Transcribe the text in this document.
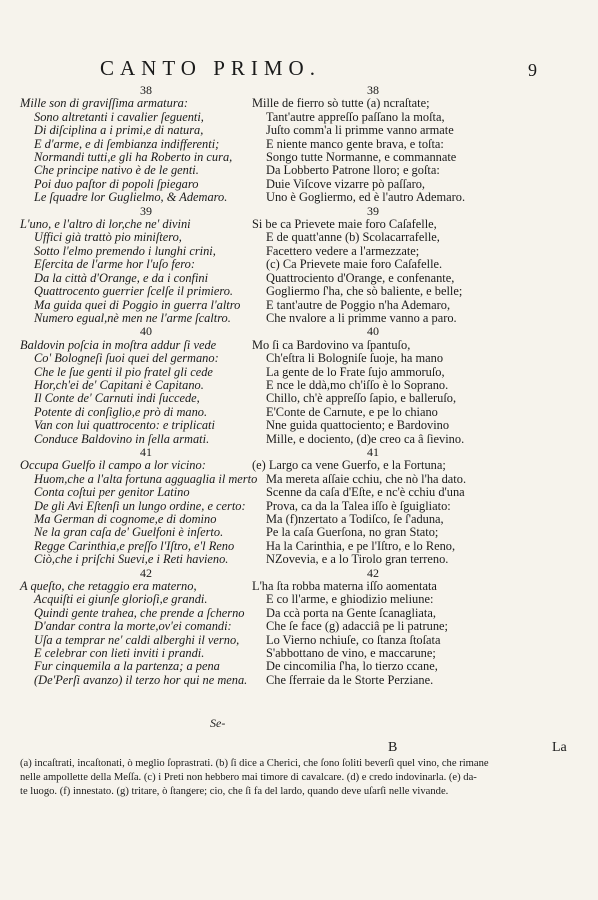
CANTO PRIMO.	9
38
Mille son di graviſſima armatura:
Sono altretanti i cavalier ſeguenti,
Di diſciplina a i primi,e di natura,
E d'arme, e di ſembianza indifferenti;
Normandi tutti,e gli ha Roberto in cura,
Che principe nativo è de le genti.
Poi duo paſtor di popoli ſpiegaro
Le ſquadre lor Guglielmo, & Ademaro.
39
L'uno, e l'altro di lor,che ne' divini
Uffici già trattò pio miniſtero,
Sotto l'elmo premendo i lunghi crini,
Eſercita de l'arme hor l'uſo fero:
Da la città d'Orange, e da i confini
Quattrocento guerrier ſcelſe il primiero.
Ma guida quei di Poggio in guerra l'altro
Numero egual,nè men ne l'arme ſcaltro.
40
Baldovin poſcia in moſtra addur ſi vede
Co' Bologneſi ſuoi quei del germano:
Che le ſue genti il pio fratel gli cede
Hor,ch'ei de' Capitani è Capitano.
Il Conte de' Carnuti indi ſuccede,
Potente di conſiglio,e prò di mano.
Van con lui quattrocento: e triplicati
Conduce Baldovino in ſella armati.
41
Occupa Guelfo il campo a lor vicino:
Huom,che a l'alta fortuna agguaglia il merto
Conta coſtui per genitor Latino
De gli Avi Eſtenſi un lungo ordine, e certo:
Ma German di cognome,e di domino
Ne la gran caſa de' Guelfoni è inſerto.
Regge Carinthia,e preſſo l'Iſtro, e'l Reno
Ciò,che i priſchi Suevi,e i Reti havieno.
42
A queſto, che retaggio era materno,
Acquiſti ei giunſe glorioſi,e grandi.
Quindi gente trahea, che prende a ſcherno
D'andar contra la morte,ov'ei comandi:
Uſa a temprar ne' caldi alberghi il verno,
E celebrar con lieti inviti i prandi.
Fur cinquemila a la partenza; a pena
(De'Perſi avanzo) il terzo hor qui ne mena.
38
Mille de fierro sò tutte (a) ncraſtate;
Tant'autre appreſſo paſſano la moſta,
Juſto comm'a li primme vanno armate
E niente manco gente brava, e toſta:
Songo tutte Normanne, e commannate
Da Lobberto Patrone lloro; e goſta:
Duie Viſcove vizarre pò paſſaro,
Uno è Gogliermo, ed è l'autro Ademaro.
39
Si be ca Prievete maie foro Caſafelle,
E de quatt'anne (b) Scolacarrafelle,
Facettero vedere a l'armezzate;
(c) Ca Prievete maie foro Caſafelle.
Quattrociento d'Orange, e confenante,
Gogliermo ſ'ha, che sò baliente, e belle;
E tant'autre de Poggio n'ha Ademaro,
Che nvalore a li primme vanno a paro.
40
Mo ſi ca Bardovino va ſpantuſo,
Ch'eſtra li Bologniſe ſuoje, ha mano
La gente de lo Frate ſujo ammoruſo,
E nce le ddà,mo ch'iſſo è lo Soprano.
Chillo, ch'è appreſſo ſapio, e balleruſo,
E'Conte de Carnute, e pe lo chiano
Nne guida quattociento; e Bardovino
Mille, e dociento, (d)e creo ca â ſievino.
41
(e) Largo ca vene Guerfo, e la Fortuna;
Ma mereta aſſaie cchiu, che nò l'ha dato.
Scenne da caſa d'Eſte, e nc'è cchiu d'una
Prova, ca da la Talea iſſo è ſguigliato:
Ma (f)nzertato a Todiſco, ſe ſ'aduna,
Pe la caſa Guerſona, no gran Stato;
Ha la Carinthia, e pe l'Iſtro, e lo Reno,
NZovevia, e a lo Tirolo gran terreno.
42
L'ha ſta robba materna iſſo aomentata
E co ll'arme, e ghiodizio meliune:
Da ccà porta na Gente ſcanagliata,
Che ſe face (g) adacciâ pe li patrune;
Lo Vierno nchiuſe, co ſtanza ſtoſata
S'abbottano de vino, e maccarune;
De cincomilia ſ'ha, lo tierzo ccane,
Che ſferraie da le Storte Perziane.
Se-
B	La
(a) incaſtrati, incaſtonati, ò meglio ſoprastrati. (b) ſi dice a Cherici, che ſono ſoliti beverſi quel vino, che rimane
nelle ampollette della Meſſa. (c) i Preti non hebbero mai timore di cavalcare. (d) e credo indovinarla. (e) da-
te luogo. (f) innestato. (g) tritare, ò ſtangere; cio, che ſi fa del lardo, quando deve uſarſi nelle vivande.
